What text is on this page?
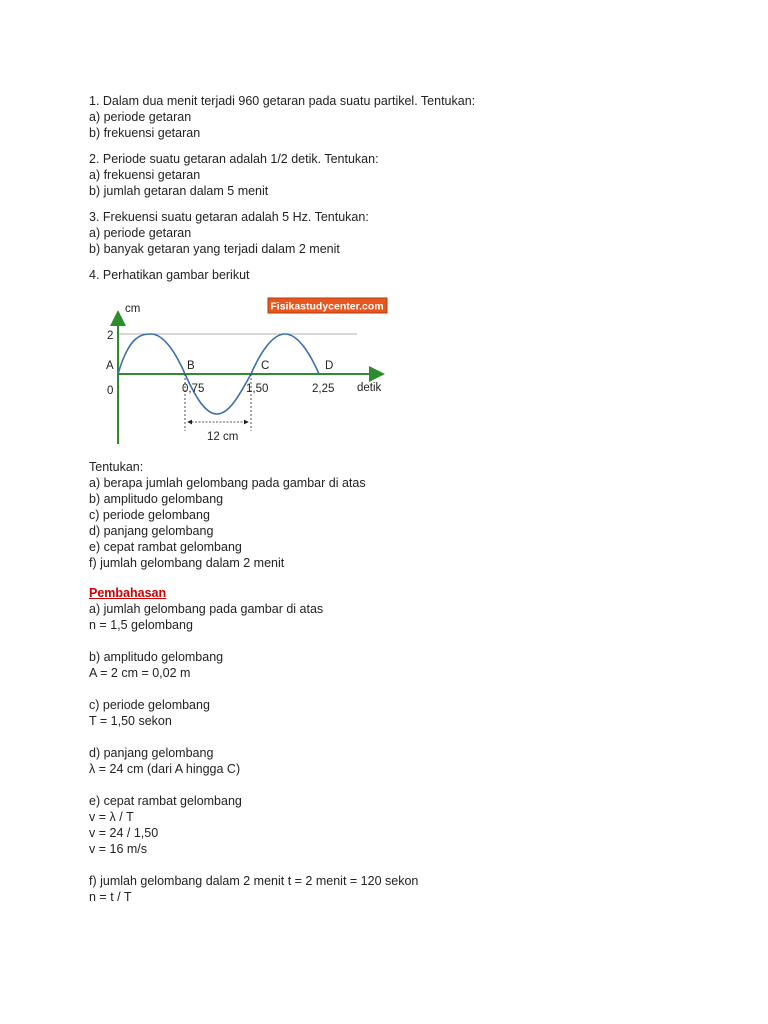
1. Dalam dua menit terjadi 960 getaran pada suatu partikel. Tentukan:
a) periode getaran
b) frekuensi getaran
2. Periode suatu getaran adalah 1/2 detik. Tentukan:
a) frekuensi getaran
b) jumlah getaran dalam 5 menit
3. Frekuensi suatu getaran adalah 5 Hz. Tentukan:
a) periode getaran
b) banyak getaran yang terjadi dalam 2 menit
4. Perhatikan gambar berikut
Fisikastudycenter.com
cm
detik
2
0
A	B	C	D
0,75	1,50	2,25
12 cm
Tentukan:
a) berapa jumlah gelombang pada gambar di atas
b) amplitudo gelombang
c) periode gelombang
d) panjang gelombang
e) cepat rambat gelombang
f) jumlah gelombang dalam 2 menit
Pembahasan
a) jumlah gelombang pada gambar di atas
n = 1,5 gelombang
b) amplitudo gelombang
A = 2 cm = 0,02 m
c) periode gelombang
T = 1,50 sekon
d) panjang gelombang
λ = 24 cm (dari A hingga C)
e) cepat rambat gelombang
v = λ / T
v = 24 / 1,50
v = 16 m/s
f) jumlah gelombang dalam 2 menit t = 2 menit = 120 sekon
n = t / T
